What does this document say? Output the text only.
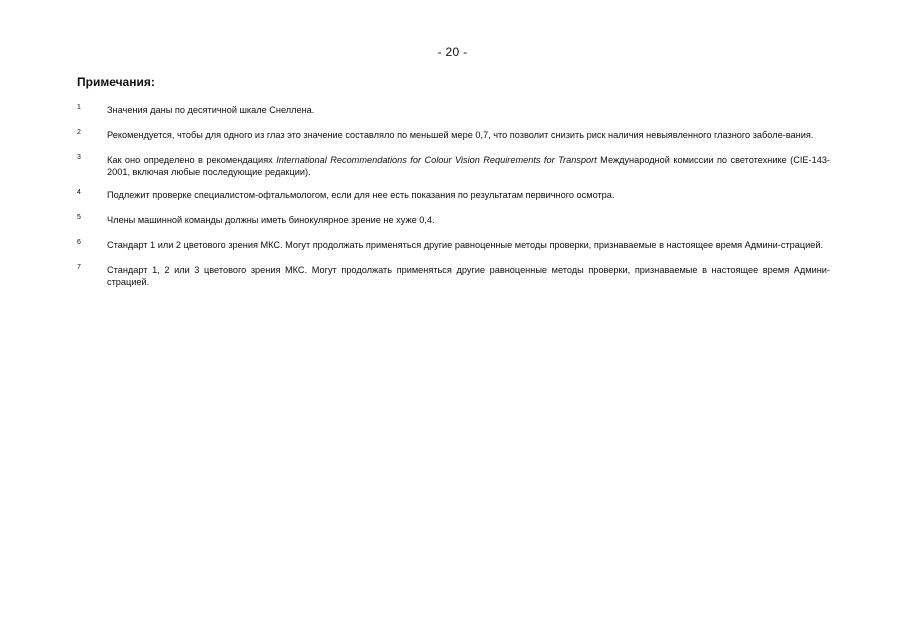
- 20 -
Примечания:
1	Значения даны по десятичной шкале Снеллена.
2	Рекомендуется, чтобы для одного из глаз это значение составляло по меньшей мере 0,7, что позволит снизить риск наличия невыявленного глазного заболе-вания.
3	Как оно определено в рекомендациях International Recommendations for Colour Vision Requirements for Transport Международной комиссии по светотехнике (CIE-143-2001, включая любые последующие редакции).
4	Подлежит проверке специалистом-офтальмологом, если для нее есть показания по результатам первичного осмотра.
5	Члены машинной команды должны иметь бинокулярное зрение не хуже 0,4.
6	Стандарт 1 или 2 цветового зрения МКС. Могут продолжать применяться другие равноценные методы проверки, признаваемые в настоящее время Админи-страцией.
7	Стандарт 1, 2 или 3 цветового зрения МКС. Могут продолжать применяться другие равноценные методы проверки, признаваемые в настоящее время Админи-страцией.
